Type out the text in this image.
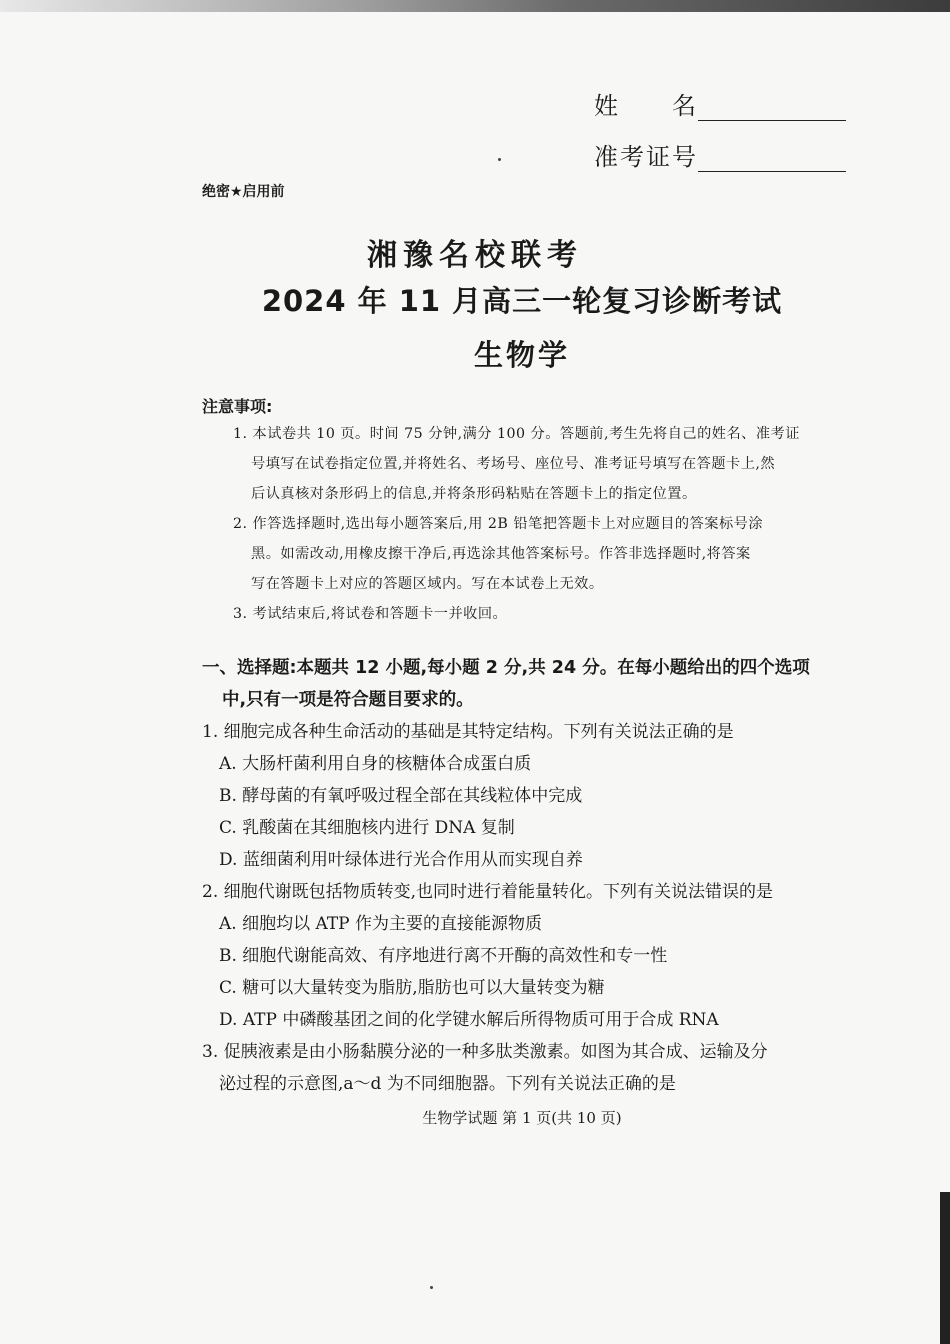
姓　　名
准考证号
绝密★启用前
湘豫名校联考
2024 年 11 月高三一轮复习诊断考试
生物学
注意事项:
1. 本试卷共 10 页。时间 75 分钟,满分 100 分。答题前,考生先将自己的姓名、准考证
号填写在试卷指定位置,并将姓名、考场号、座位号、准考证号填写在答题卡上,然
后认真核对条形码上的信息,并将条形码粘贴在答题卡上的指定位置。
2. 作答选择题时,选出每小题答案后,用 2B 铅笔把答题卡上对应题目的答案标号涂
黑。如需改动,用橡皮擦干净后,再选涂其他答案标号。作答非选择题时,将答案
写在答题卡上对应的答题区域内。写在本试卷上无效。
3. 考试结束后,将试卷和答题卡一并收回。
一、选择题:本题共 12 小题,每小题 2 分,共 24 分。在每小题给出的四个选项
中,只有一项是符合题目要求的。
1. 细胞完成各种生命活动的基础是其特定结构。下列有关说法正确的是
A. 大肠杆菌利用自身的核糖体合成蛋白质
B. 酵母菌的有氧呼吸过程全部在其线粒体中完成
C. 乳酸菌在其细胞核内进行 DNA 复制
D. 蓝细菌利用叶绿体进行光合作用从而实现自养
2. 细胞代谢既包括物质转变,也同时进行着能量转化。下列有关说法错误的是
A. 细胞均以 ATP 作为主要的直接能源物质
B. 细胞代谢能高效、有序地进行离不开酶的高效性和专一性
C. 糖可以大量转变为脂肪,脂肪也可以大量转变为糖
D. ATP 中磷酸基团之间的化学键水解后所得物质可用于合成 RNA
3. 促胰液素是由小肠黏膜分泌的一种多肽类激素。如图为其合成、运输及分
泌过程的示意图,a～d 为不同细胞器。下列有关说法正确的是
生物学试题 第 1 页(共 10 页)
